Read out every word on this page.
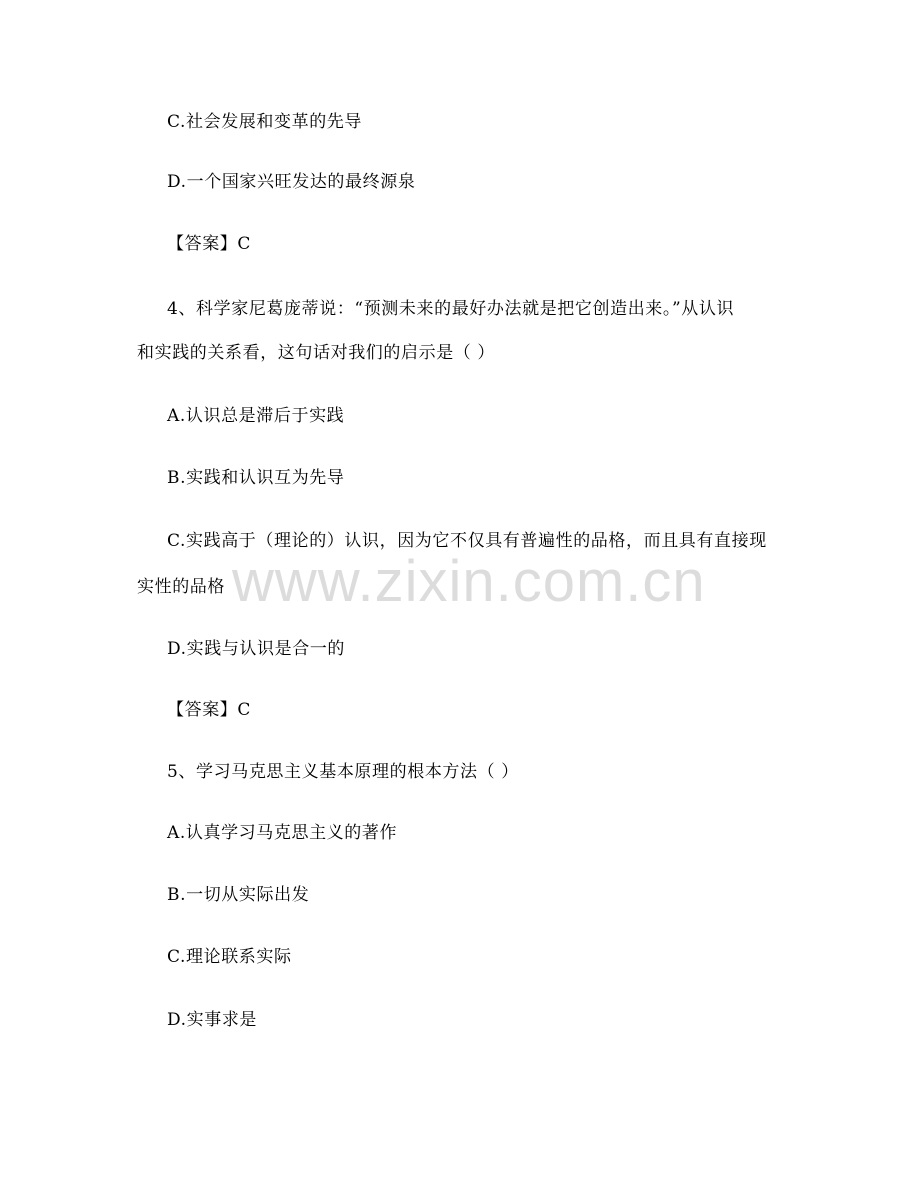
C.社会发展和变革的先导
D.一个国家兴旺发达的最终源泉
【答案】C
4、科学家尼葛庞蒂说：“预测未来的最好办法就是把它创造出来。”从认识
和实践的关系看，这句话对我们的启示是（ ）
A.认识总是滞后于实践
B.实践和认识互为先导
C.实践高于（理论的）认识，因为它不仅具有普遍性的品格，而且具有直接现
实性的品格
D.实践与认识是合一的
【答案】C
5、学习马克思主义基本原理的根本方法（ ）
A.认真学习马克思主义的著作
B.一切从实际出发
C.理论联系实际
D.实事求是
www.zixin.com.cn
